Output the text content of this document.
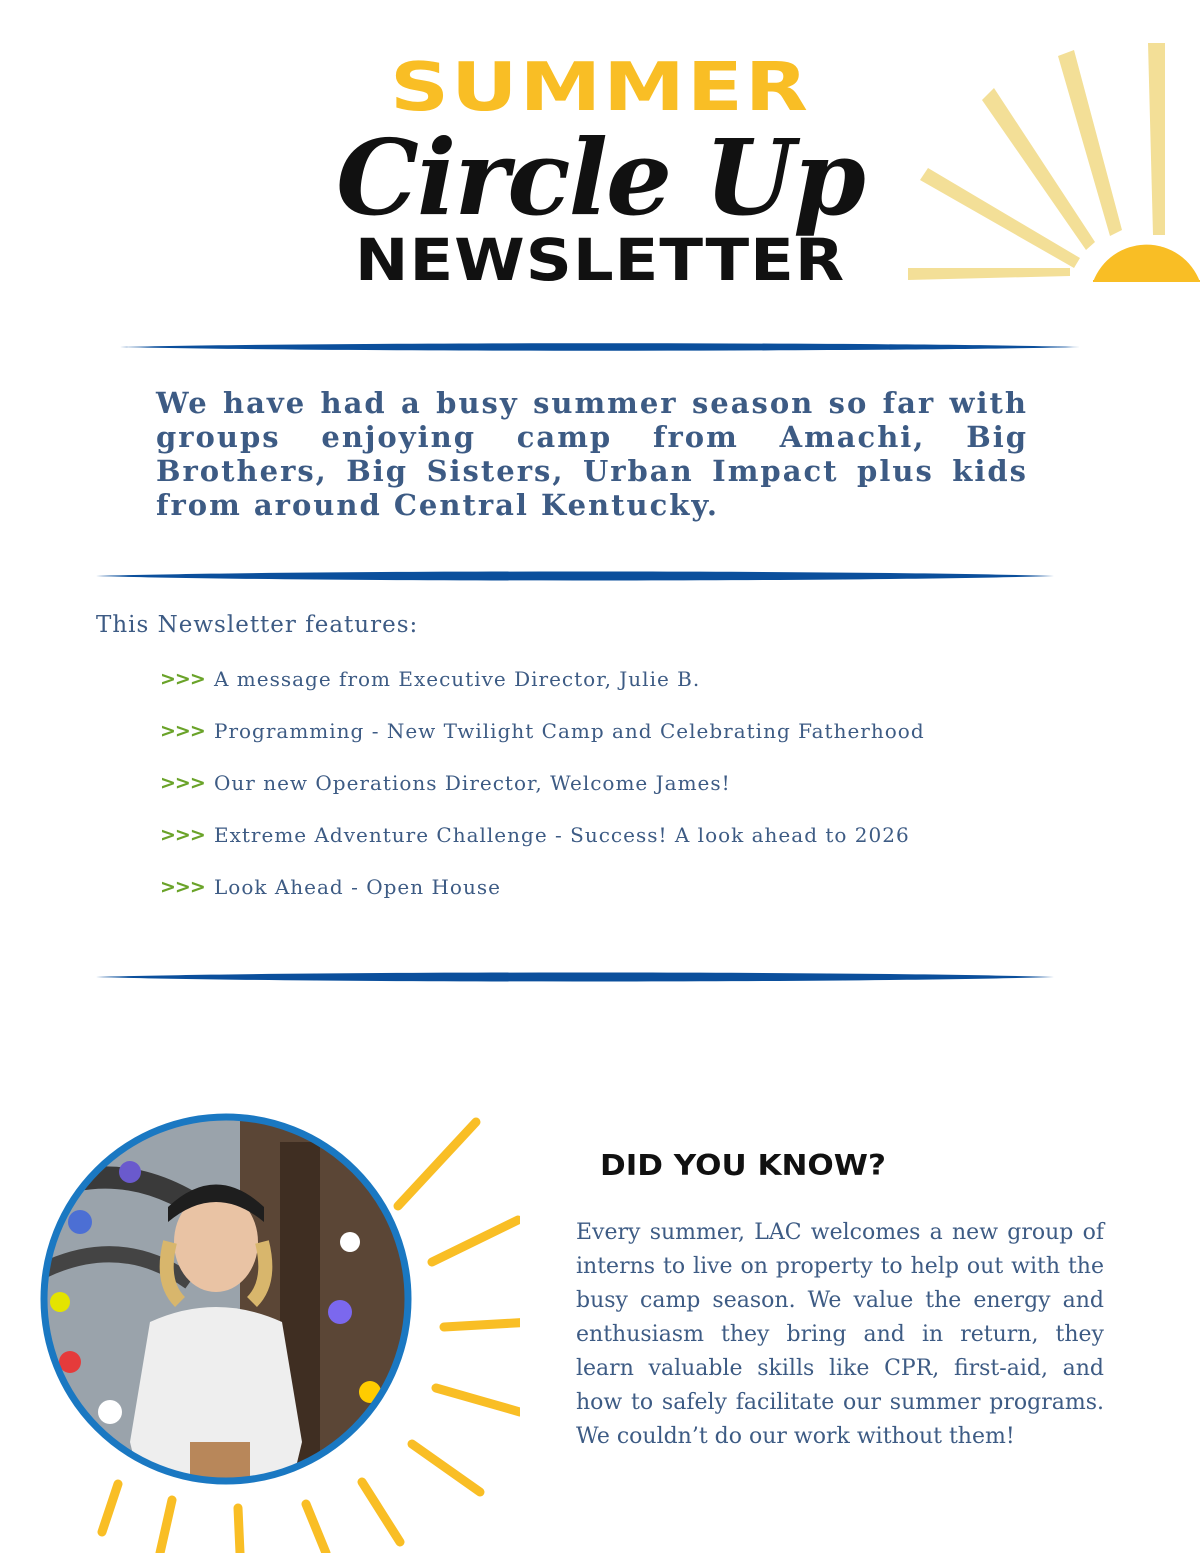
SUMMER
Circle Up
NEWSLETTER
We have had a busy summer season so far with groups enjoying camp from Amachi, Big Brothers, Big Sisters, Urban Impact plus kids from around Central Kentucky.
This Newsletter features:
>>> A message from Executive Director, Julie B.
>>> Programming - New Twilight Camp and Celebrating Fatherhood
>>> Our new Operations Director, Welcome James!
>>> Extreme Adventure Challenge - Success! A look ahead to 2026
>>> Look Ahead - Open House
DID YOU KNOW?
Every summer, LAC welcomes a new group of interns to live on property to help out with the busy camp season. We value the energy and enthusiasm they bring and in return, they learn valuable skills like CPR, first-aid, and how to safely facilitate our summer programs. We couldn’t do our work without them!
